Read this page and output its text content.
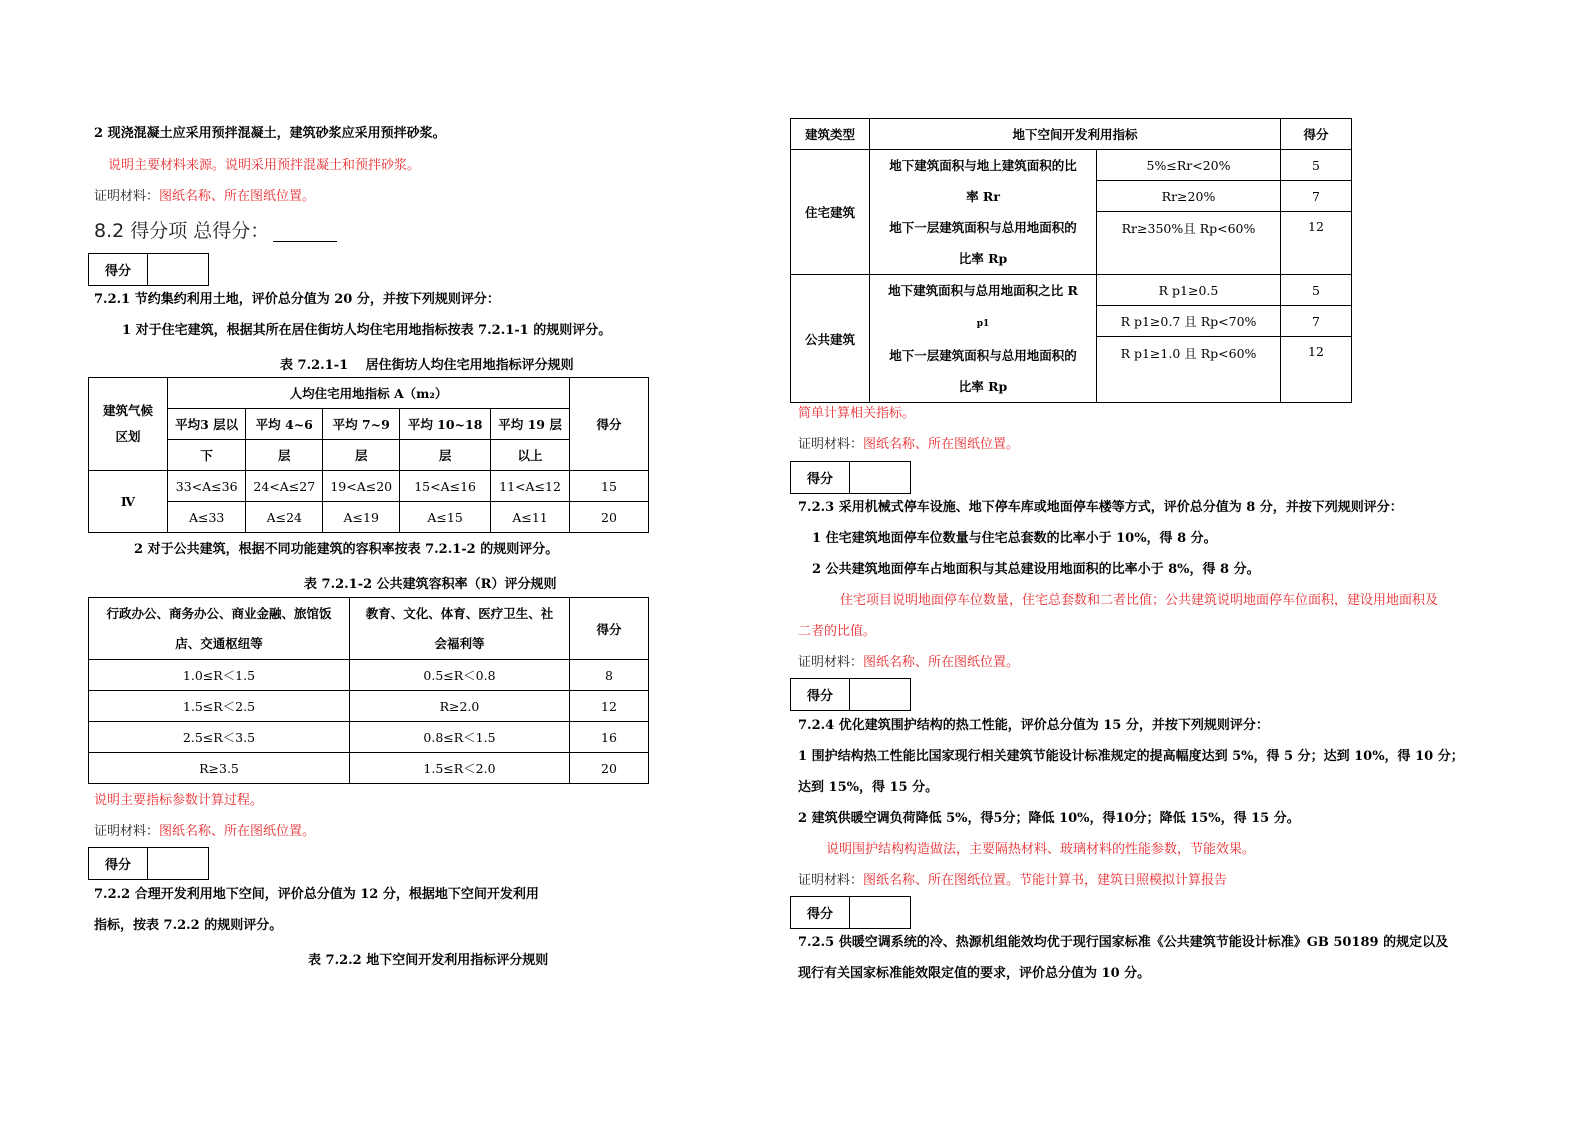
2 现浇混凝土应采用预拌混凝土，建筑砂浆应采用预拌砂浆。
说明主要材料来源。说明采用预拌混凝土和预拌砂浆。
证明材料：图纸名称、所在图纸位置。
8.2 得分项 总得分：
得分
7.2.1 节约集约利用土地，评价总分值为 20 分，并按下列规则评分：
1 对于住宅建筑，根据其所在居住街坊人均住宅用地指标按表 7.2.1-1 的规则评分。
表 7.2.1-1　 居住街坊人均住宅用地指标评分规则
建筑气候
区划	人均住宅用地指标 A（m₂）					得分
	平均3 层以	平均 4~6	平均 7~9	平均 10~18	平均 19 层	
	下	层	层	层	以上	
Ⅳ	33<A≤36	24<A≤27	19<A≤20	15<A≤16	11<A≤12	15
	A≤33	A≤24	A≤19	A≤15	A≤11	20
2 对于公共建筑，根据不同功能建筑的容积率按表 7.2.1-2 的规则评分。
表 7.2.1-2 公共建筑容积率（R）评分规则
行政办公、商务办公、商业金融、旅馆饭
店、交通枢纽等	教育、文化、体育、医疗卫生、社
会福利等	得分
1.0≤R＜1.5	0.5≤R＜0.8	8
1.5≤R＜2.5	R≥2.0	12
2.5≤R＜3.5	0.8≤R＜1.5	16
R≥3.5	1.5≤R＜2.0	20
说明主要指标参数计算过程。
证明材料：图纸名称、所在图纸位置。
得分
7.2.2 合理开发利用地下空间，评价总分值为 12 分，根据地下空间开发利用
指标，按表 7.2.2 的规则评分。
表 7.2.2 地下空间开发利用指标评分规则
建筑类型	地下空间开发利用指标		得分
住宅建筑	地下建筑面积与地上建筑面积的比
率 Rr
地下一层建筑面积与总用地面积的
比率 Rp	5%≤Rr<20%	5
		Rr≥20%	7
		Rr≥350%且 Rp<60%	12

公共建筑	地下建筑面积与总用地面积之比 R
p1
地下一层建筑面积与总用地面积的
比率 Rp	R p1≥0.5	5
		R p1≥0.7 且 Rp<70%	7
		R p1≥1.0 且 Rp<60%	12

简单计算相关指标。
证明材料：图纸名称、所在图纸位置。
得分
7.2.3 采用机械式停车设施、地下停车库或地面停车楼等方式，评价总分值为 8 分，并按下列规则评分：
1 住宅建筑地面停车位数量与住宅总套数的比率小于 10%，得 8 分。
2 公共建筑地面停车占地面积与其总建设用地面积的比率小于 8%，得 8 分。
住宅项目说明地面停车位数量，住宅总套数和二者比值；公共建筑说明地面停车位面积，建设用地面积及
二者的比值。
证明材料：图纸名称、所在图纸位置。
得分
7.2.4 优化建筑围护结构的热工性能，评价总分值为 15 分，并按下列规则评分：
1 围护结构热工性能比国家现行相关建筑节能设计标准规定的提高幅度达到 5%，得 5 分；达到 10%，得 10 分；
达到 15%，得 15 分。
2 建筑供暖空调负荷降低 5%，得5分；降低 10%，得10分；降低 15%，得 15 分。
说明围护结构构造做法，主要隔热材料、玻璃材料的性能参数，节能效果。
证明材料：图纸名称、所在图纸位置。节能计算书，建筑日照模拟计算报告
得分
7.2.5 供暖空调系统的冷、热源机组能效均优于现行国家标准《公共建筑节能设计标准》GB 50189 的规定以及
现行有关国家标准能效限定值的要求，评价总分值为 10 分。
